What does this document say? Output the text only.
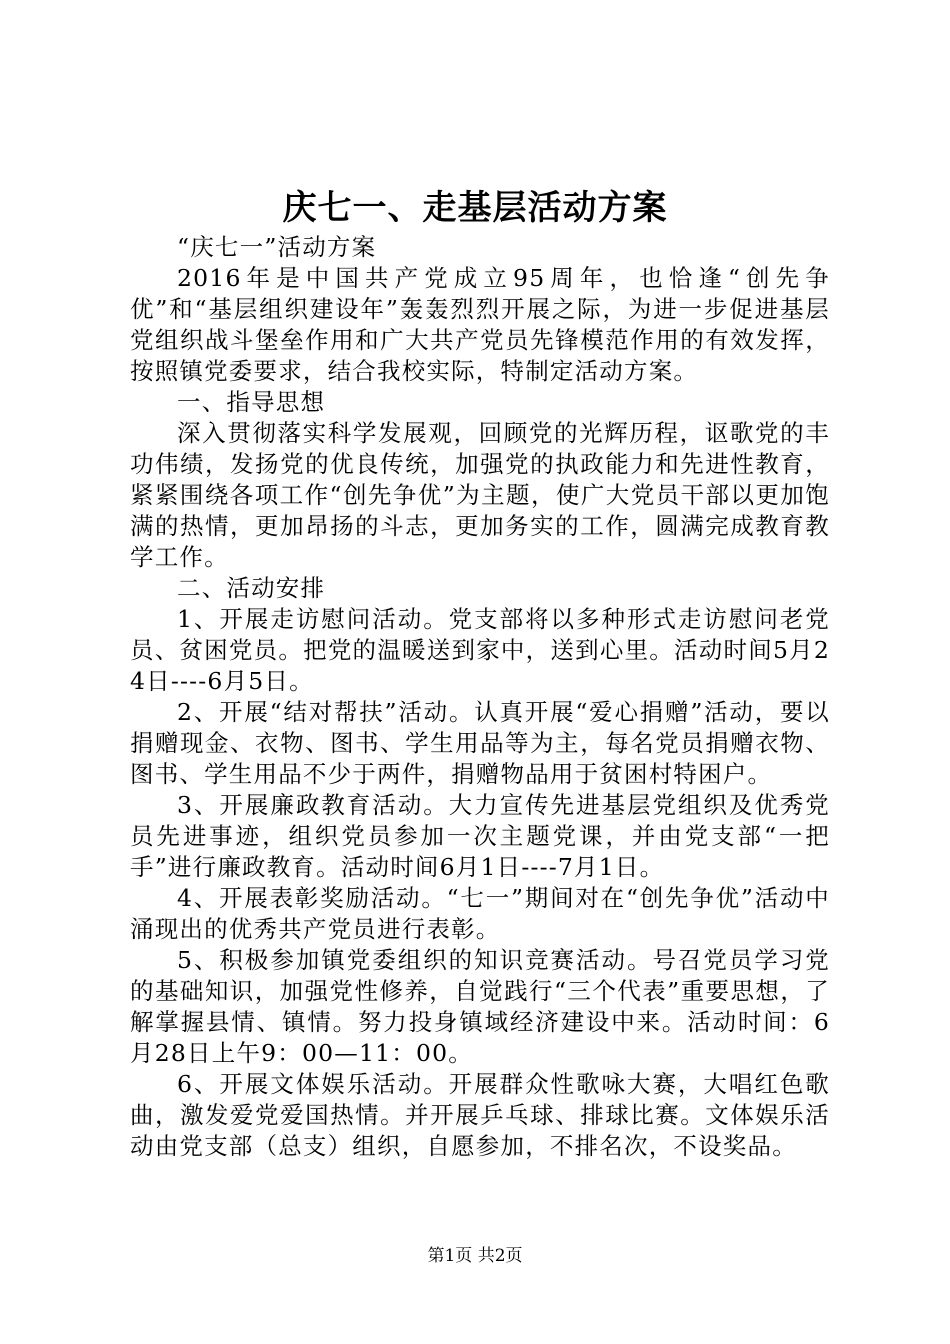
庆七一、走基层活动方案

“庆七一”活动方案

2016年是中国共产党成立95周年，也恰逢“创先争优”和“基层组织建设年”轰轰烈烈开展之际，为进一步促进基层党组织战斗堡垒作用和广大共产党员先锋模范作用的有效发挥，按照镇党委要求，结合我校实际，特制定活动方案。

一、指导思想

深入贯彻落实科学发展观，回顾党的光辉历程，讴歌党的丰功伟绩，发扬党的优良传统，加强党的执政能力和先进性教育，紧紧围绕各项工作“创先争优”为主题，使广大党员干部以更加饱满的热情，更加昂扬的斗志，更加务实的工作，圆满完成教育教学工作。

二、活动安排

1、开展走访慰问活动。党支部将以多种形式走访慰问老党员、贫困党员。把党的温暖送到家中，送到心里。活动时间5月24日----6月5日。

2、开展“结对帮扶”活动。认真开展“爱心捐赠”活动，要以捐赠现金、衣物、图书、学生用品等为主，每名党员捐赠衣物、图书、学生用品不少于两件，捐赠物品用于贫困村特困户。

3、开展廉政教育活动。大力宣传先进基层党组织及优秀党员先进事迹，组织党员参加一次主题党课，并由党支部“一把手”进行廉政教育。活动时间6月1日----7月1日。

4、开展表彰奖励活动。“七一”期间对在“创先争优”活动中涌现出的优秀共产党员进行表彰。

5、积极参加镇党委组织的知识竞赛活动。号召党员学习党的基础知识，加强党性修养，自觉践行“三个代表”重要思想，了解掌握县情、镇情。努力投身镇域经济建设中来。活动时间：6月28日上午9：00—11：00。

6、开展文体娱乐活动。开展群众性歌咏大赛，大唱红色歌曲，激发爱党爱国热情。并开展乒乓球、排球比赛。文体娱乐活动由党支部（总支）组织，自愿参加，不排名次，不设奖品。

第1页 共2页
